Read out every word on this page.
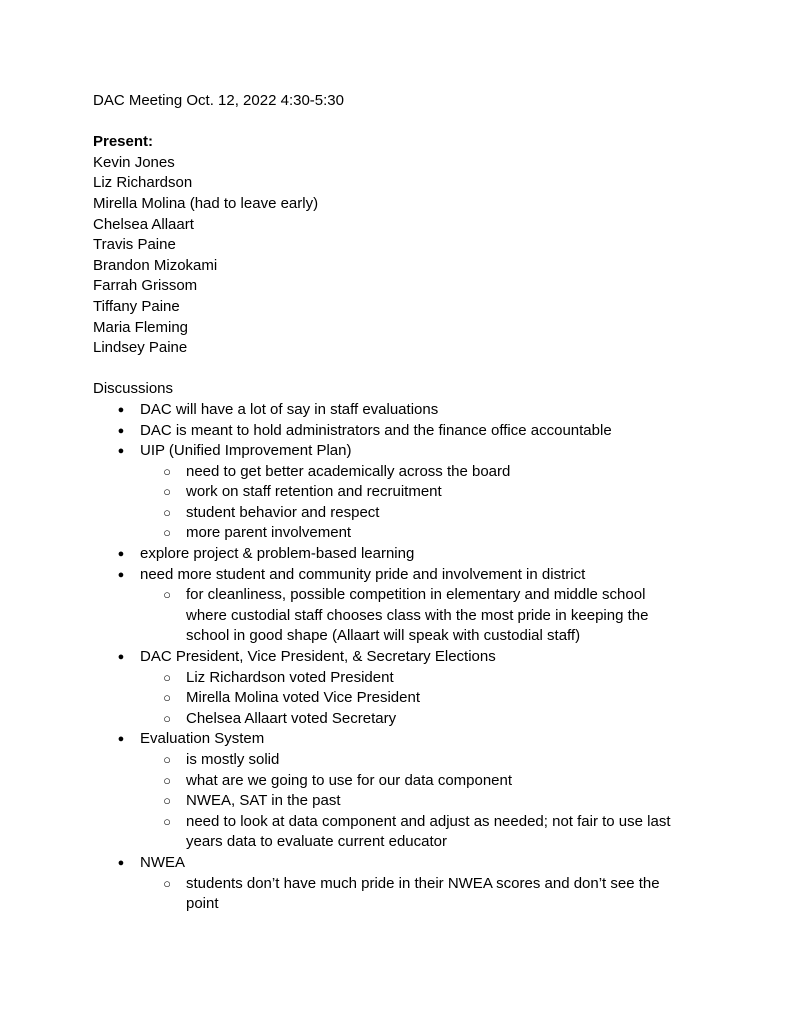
DAC Meeting Oct. 12, 2022 4:30-5:30

Present:

Kevin Jones

Liz Richardson

Mirella Molina (had to leave early)

Chelsea Allaart

Travis Paine

Brandon Mizokami

Farrah Grissom

Tiffany Paine

Maria Fleming

Lindsey Paine

Discussions

● DAC will have a lot of say in staff evaluations
● DAC is meant to hold administrators and the finance office accountable
● UIP (Unified Improvement Plan)
○ need to get better academically across the board
○ work on staff retention and recruitment
○ student behavior and respect
○ more parent involvement
● explore project & problem-based learning
● need more student and community pride and involvement in district
○ for cleanliness, possible competition in elementary and middle school
where custodial staff chooses class with the most pride in keeping the
school in good shape (Allaart will speak with custodial staff)
● DAC President, Vice President, & Secretary Elections
○ Liz Richardson voted President
○ Mirella Molina voted Vice President
○ Chelsea Allaart voted Secretary
● Evaluation System
○ is mostly solid
○ what are we going to use for our data component
○ NWEA, SAT in the past
○ need to look at data component and adjust as needed; not fair to use last
years data to evaluate current educator
● NWEA
○ students don’t have much pride in their NWEA scores and don’t see the
point
